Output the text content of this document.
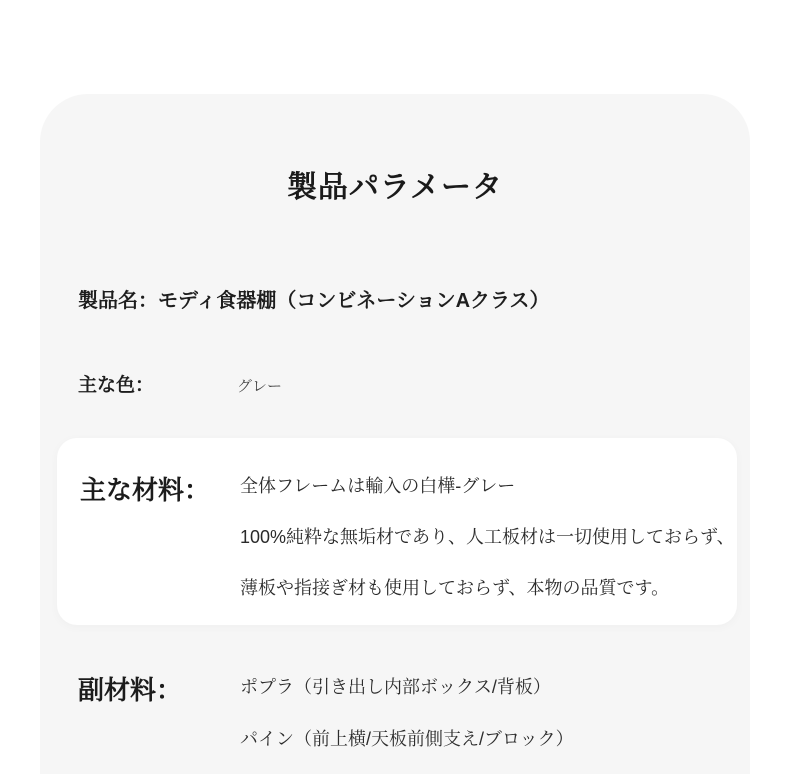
製品パラメータ
製品名：モディ食器棚（コンビネーションAクラス）
主な色：	グレー
主な材料： 全体フレームは輸入の白樺-グレー
100%純粋な無垢材であり、人工板材は一切使用しておらず、
薄板や指接ぎ材も使用しておらず、本物の品質です。
副材料：	ポプラ（引き出し内部ボックス/背板）
パイン（前上横/天板前側支え/ブロック）
